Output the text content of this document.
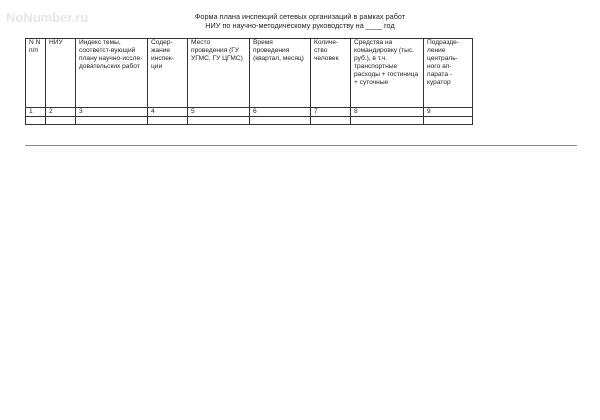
NoNumber.ru	Форма плана инспекций сетевых организаций в рамках работ
НИУ по научно-методическому руководству на ____ год
N N п/п	НИУ	Индекс темы, соответст-вующий плану научно-иссле-довательских работ	Содер-жание инспек-ции	Место проведения (ГУ УГМС, ГУ ЦГМС)	Время проведения (квартал, месяц)	Количе-ство человек	Средства на командировку (тыс. руб.), в т.ч. транспортные расходы + гостиница + суточные	Подразде-ление централь-ного ап-парата - куратор
1	2	3	4	5	6	7	8	9
